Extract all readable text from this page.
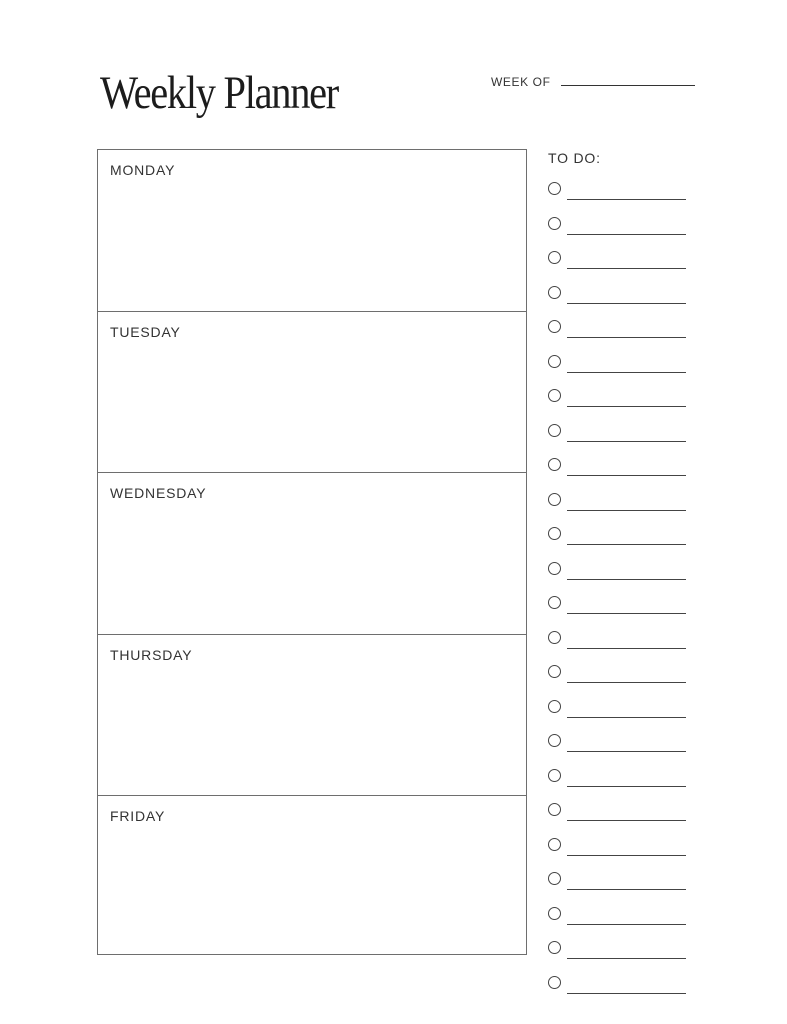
Weekly Planner	WEEK OF
MONDAY
TUESDAY
WEDNESDAY
THURSDAY
FRIDAY
TO DO:
